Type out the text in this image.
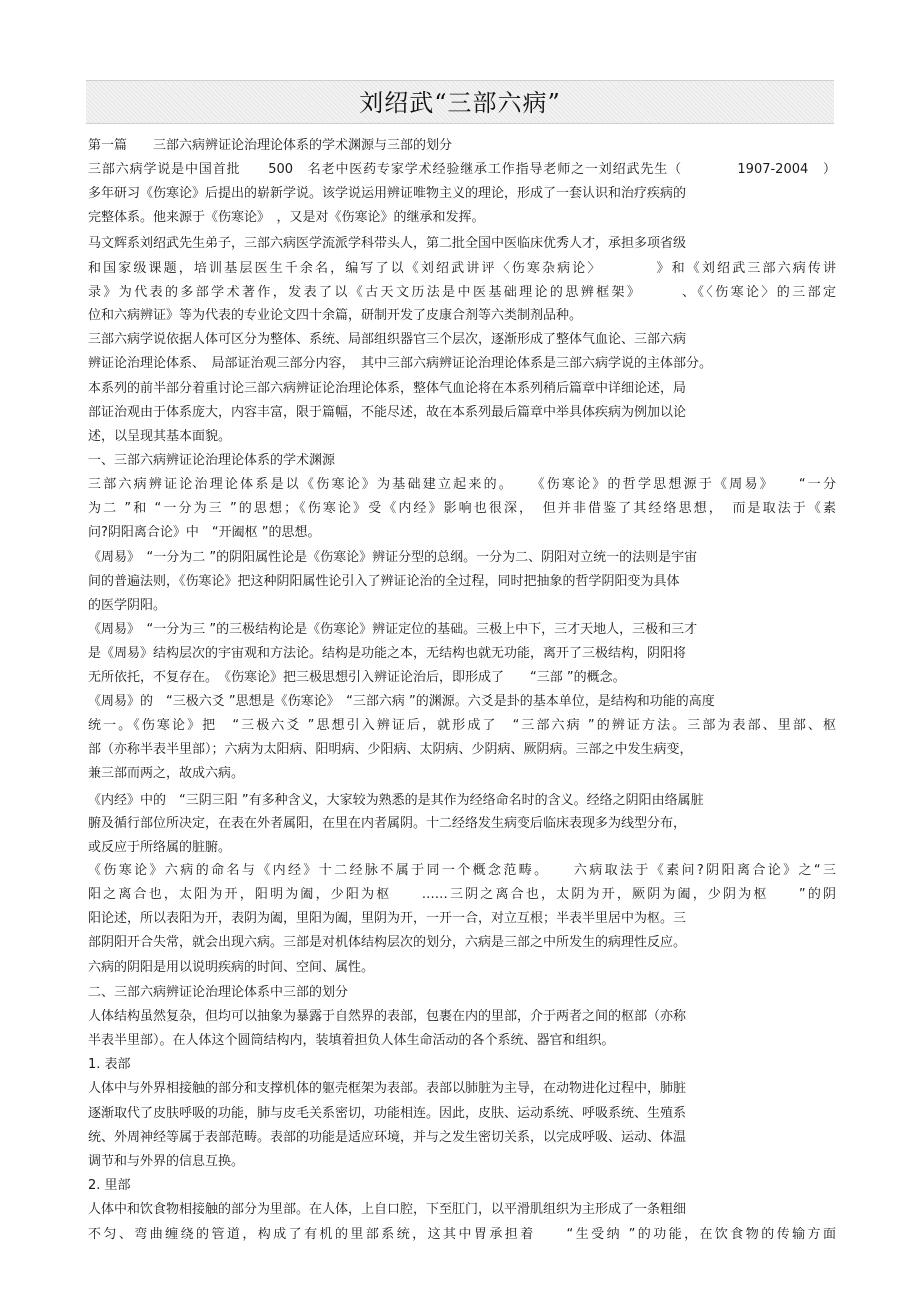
刘绍武“三部六病”
第一篇　　三部六病辨证论治理论体系的学术渊源与三部的划分
三部六病学说是中国首批　　500　名老中医药专家学术经验继承工作指导老师之一刘绍武先生（　　　　1907-2004　）
多年研习《伤寒论》后提出的崭新学说。该学说运用辨证唯物主义的理论，形成了一套认识和治疗疾病的
完整体系。他来源于《伤寒论》　，又是对《伤寒论》的继承和发挥。
马文辉系刘绍武先生弟子，三部六病医学流派学科带头人，第二批全国中医临床优秀人才，承担多项省级
和国家级课题，培训基层医生千余名，编写了以《刘绍武讲评〈伤寒杂病论〉　　　　》和《刘绍武三部六病传讲
录》为代表的多部学术著作，发表了以《古天文历法是中医基础理论的思辨框架》　　　、《〈伤寒论〉的三部定
位和六病辨证》等为代表的专业论文四十余篇，研制开发了皮康合剂等六类制剂品种。
三部六病学说依据人体可区分为整体、系统、局部组织器官三个层次，逐渐形成了整体气血论、三部六病
辨证论治理论体系、　局部证治观三部分内容，　其中三部六病辨证论治理论体系是三部六病学说的主体部分。
本系列的前半部分着重讨论三部六病辨证论治理论体系，整体气血论将在本系列稍后篇章中详细论述，局
部证治观由于体系庞大，内容丰富，限于篇幅，不能尽述，故在本系列最后篇章中举具体疾病为例加以论
述，以呈现其基本面貌。
一、三部六病辨证论治理论体系的学术渊源
三部六病辨证论治理论体系是以《伤寒论》为基础建立起来的。　　《伤寒论》的哲学思想源于《周易》　　“一分
为二 ”和 “一分为三 ”的思想；《伤寒论》受《内经》影响也很深，　但并非借鉴了其经络思想，　而是取法于《素
问?阴阳离合论》中　“开阖枢 ”的思想。
《周易》　“一分为二 ”的阴阳属性论是《伤寒论》辨证分型的总纲。一分为二、阴阳对立统一的法则是宇宙
间的普遍法则，《伤寒论》把这种阴阳属性论引入了辨证论治的全过程，同时把抽象的哲学阴阳变为具体
的医学阴阳。
《周易》　“一分为三 ”的三极结构论是《伤寒论》辨证定位的基础。三极上中下，三才天地人，三极和三才
是《周易》结构层次的宇宙观和方法论。结构是功能之本，无结构也就无功能，离开了三极结构，阴阳将
无所依托，不复存在。　《伤寒论》把三极思想引入辨证论治后，即形成了　　“三部 ”的概念。
《周易》的　“三极六爻 ”思想是《伤寒论》　“三部六病 ”的渊源。六爻是卦的基本单位，是结构和功能的高度
统一。《伤寒论》把　“三极六爻 ”思想引入辨证后，就形成了　“三部六病 ”的辨证方法。三部为表部、里部、枢
部（亦称半表半里部）；六病为太阳病、阳明病、少阳病、太阴病、少阴病、厥阴病。三部之中发生病变，
兼三部而两之，故成六病。
《内经》中的　“三阴三阳 ”有多种含义，大家较为熟悉的是其作为经络命名时的含义。经络之阴阳由络属脏
腑及循行部位所决定，在表在外者属阳，在里在内者属阴。十二经络发生病变后临床表现多为线型分布，
或反应于所络属的脏腑。
《伤寒论》六病的命名与《内经》十二经脉不属于同一个概念范畴。　　六病取法于《素问?阴阳离合论》之“三
阳之离合也，太阳为开，阳明为阖，少阳为枢　　……三阴之离合也，太阴为开，厥阴为阖，少阴为枢　　”的阴
阳论述，所以表阳为开，表阴为阖，里阳为阖，里阴为开，一开一合，对立互根；半表半里居中为枢。三
部阴阳开合失常，就会出现六病。三部是对机体结构层次的划分，六病是三部之中所发生的病理性反应。
六病的阴阳是用以说明疾病的时间、空间、属性。
二、三部六病辨证论治理论体系中三部的划分
人体结构虽然复杂，但均可以抽象为暴露于自然界的表部，包裹在内的里部，介于两者之间的枢部（亦称
半表半里部）。在人体这个圆筒结构内，装填着担负人体生命活动的各个系统、器官和组织。
1. 表部
人体中与外界相接触的部分和支撑机体的躯壳框架为表部。表部以肺脏为主导，在动物进化过程中，肺脏
逐渐取代了皮肤呼吸的功能，肺与皮毛关系密切，功能相连。因此，皮肤、运动系统、呼吸系统、生殖系
统、外周神经等属于表部范畴。表部的功能是适应环境，并与之发生密切关系，以完成呼吸、运动、体温
调节和与外界的信息互换。
2. 里部
人体中和饮食物相接触的部分为里部。在人体，上自口腔，下至肛门，以平滑肌组织为主形成了一条粗细
不匀、弯曲缠绕的管道，构成了有机的里部系统，这其中胃承担着　　“生受纳 ”的功能，在饮食物的传输方面
